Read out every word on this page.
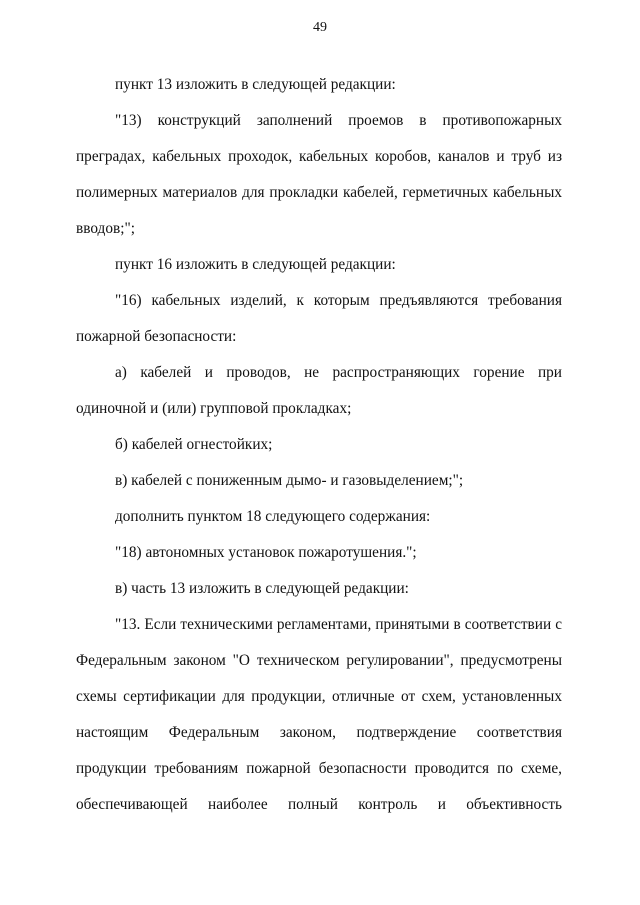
49

пункт 13 изложить в следующей редакции:

"13) конструкций заполнений проемов в противопожарных преградах, кабельных проходок, кабельных коробов, каналов и труб из полимерных материалов для прокладки кабелей, герметичных кабельных вводов;";

пункт 16 изложить в следующей редакции:

"16) кабельных изделий, к которым предъявляются требования пожарной безопасности:

а) кабелей и проводов, не распространяющих горение при одиночной и (или) групповой прокладках;

б) кабелей огнестойких;

в) кабелей с пониженным дымо- и газовыделением;";

дополнить пунктом 18 следующего содержания:

"18) автономных установок пожаротушения.";

в) часть 13 изложить в следующей редакции:

"13. Если техническими регламентами, принятыми в соответствии с Федеральным законом "О техническом регулировании", предусмотрены схемы сертификации для продукции, отличные от схем, установленных настоящим Федеральным законом, подтверждение соответствия продукции требованиям пожарной безопасности проводится по схеме, обеспечивающей наиболее полный контроль и объективность
